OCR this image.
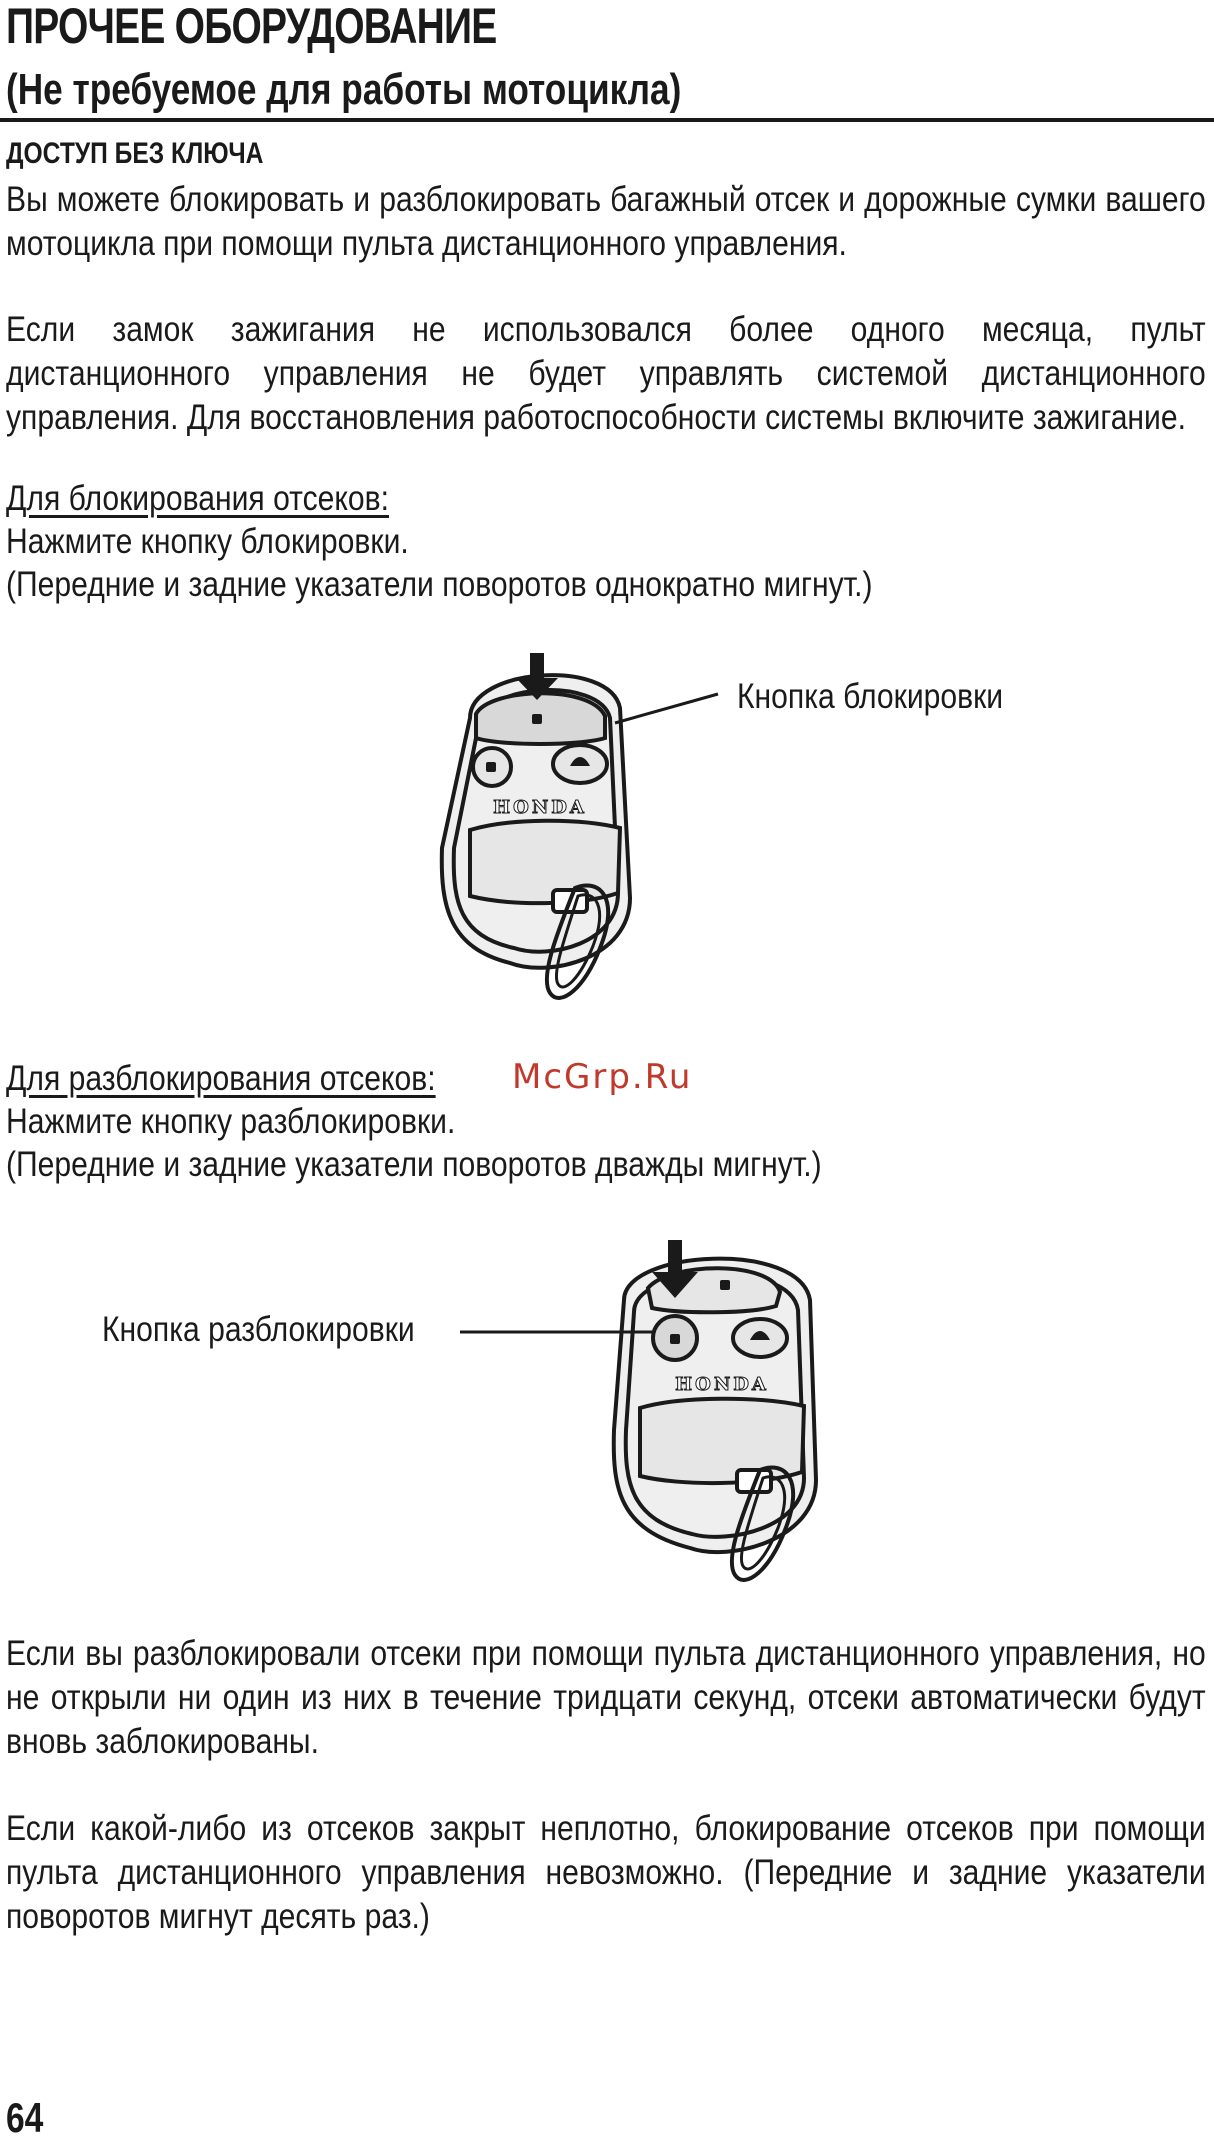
ПРОЧЕЕ ОБОРУДОВАНИЕ
(Не требуемое для работы мотоцикла)
ДОСТУП БЕЗ КЛЮЧА
Вы можете блокировать и разблокировать багажный отсек и дорожные сумки вашего мотоцикла при помощи пульта дистанционного управления.
Если замок зажигания не использовался более одного месяца, пульт дистанционного управления не будет управлять системой дистанционного управления. Для восстановления работоспособности системы включите зажигание.
Для блокирования отсеков:
Нажмите кнопку блокировки.
(Передние и задние указатели поворотов однократно мигнут.)
HONDA
Кнопка блокировки
Для разблокирования отсеков: McGrp.Ru
Нажмите кнопку разблокировки.
(Передние и задние указатели поворотов дважды мигнут.)
HONDA
Кнопка разблокировки
Если вы разблокировали отсеки при помощи пульта дистанционного управления, но не открыли ни один из них в течение тридцати секунд, отсеки автоматически будут вновь заблокированы.
Если какой-либо из отсеков закрыт неплотно, блокирование отсеков при помощи пульта дистанционного управления невозможно. (Передние и задние указатели поворотов мигнут десять раз.)
64
